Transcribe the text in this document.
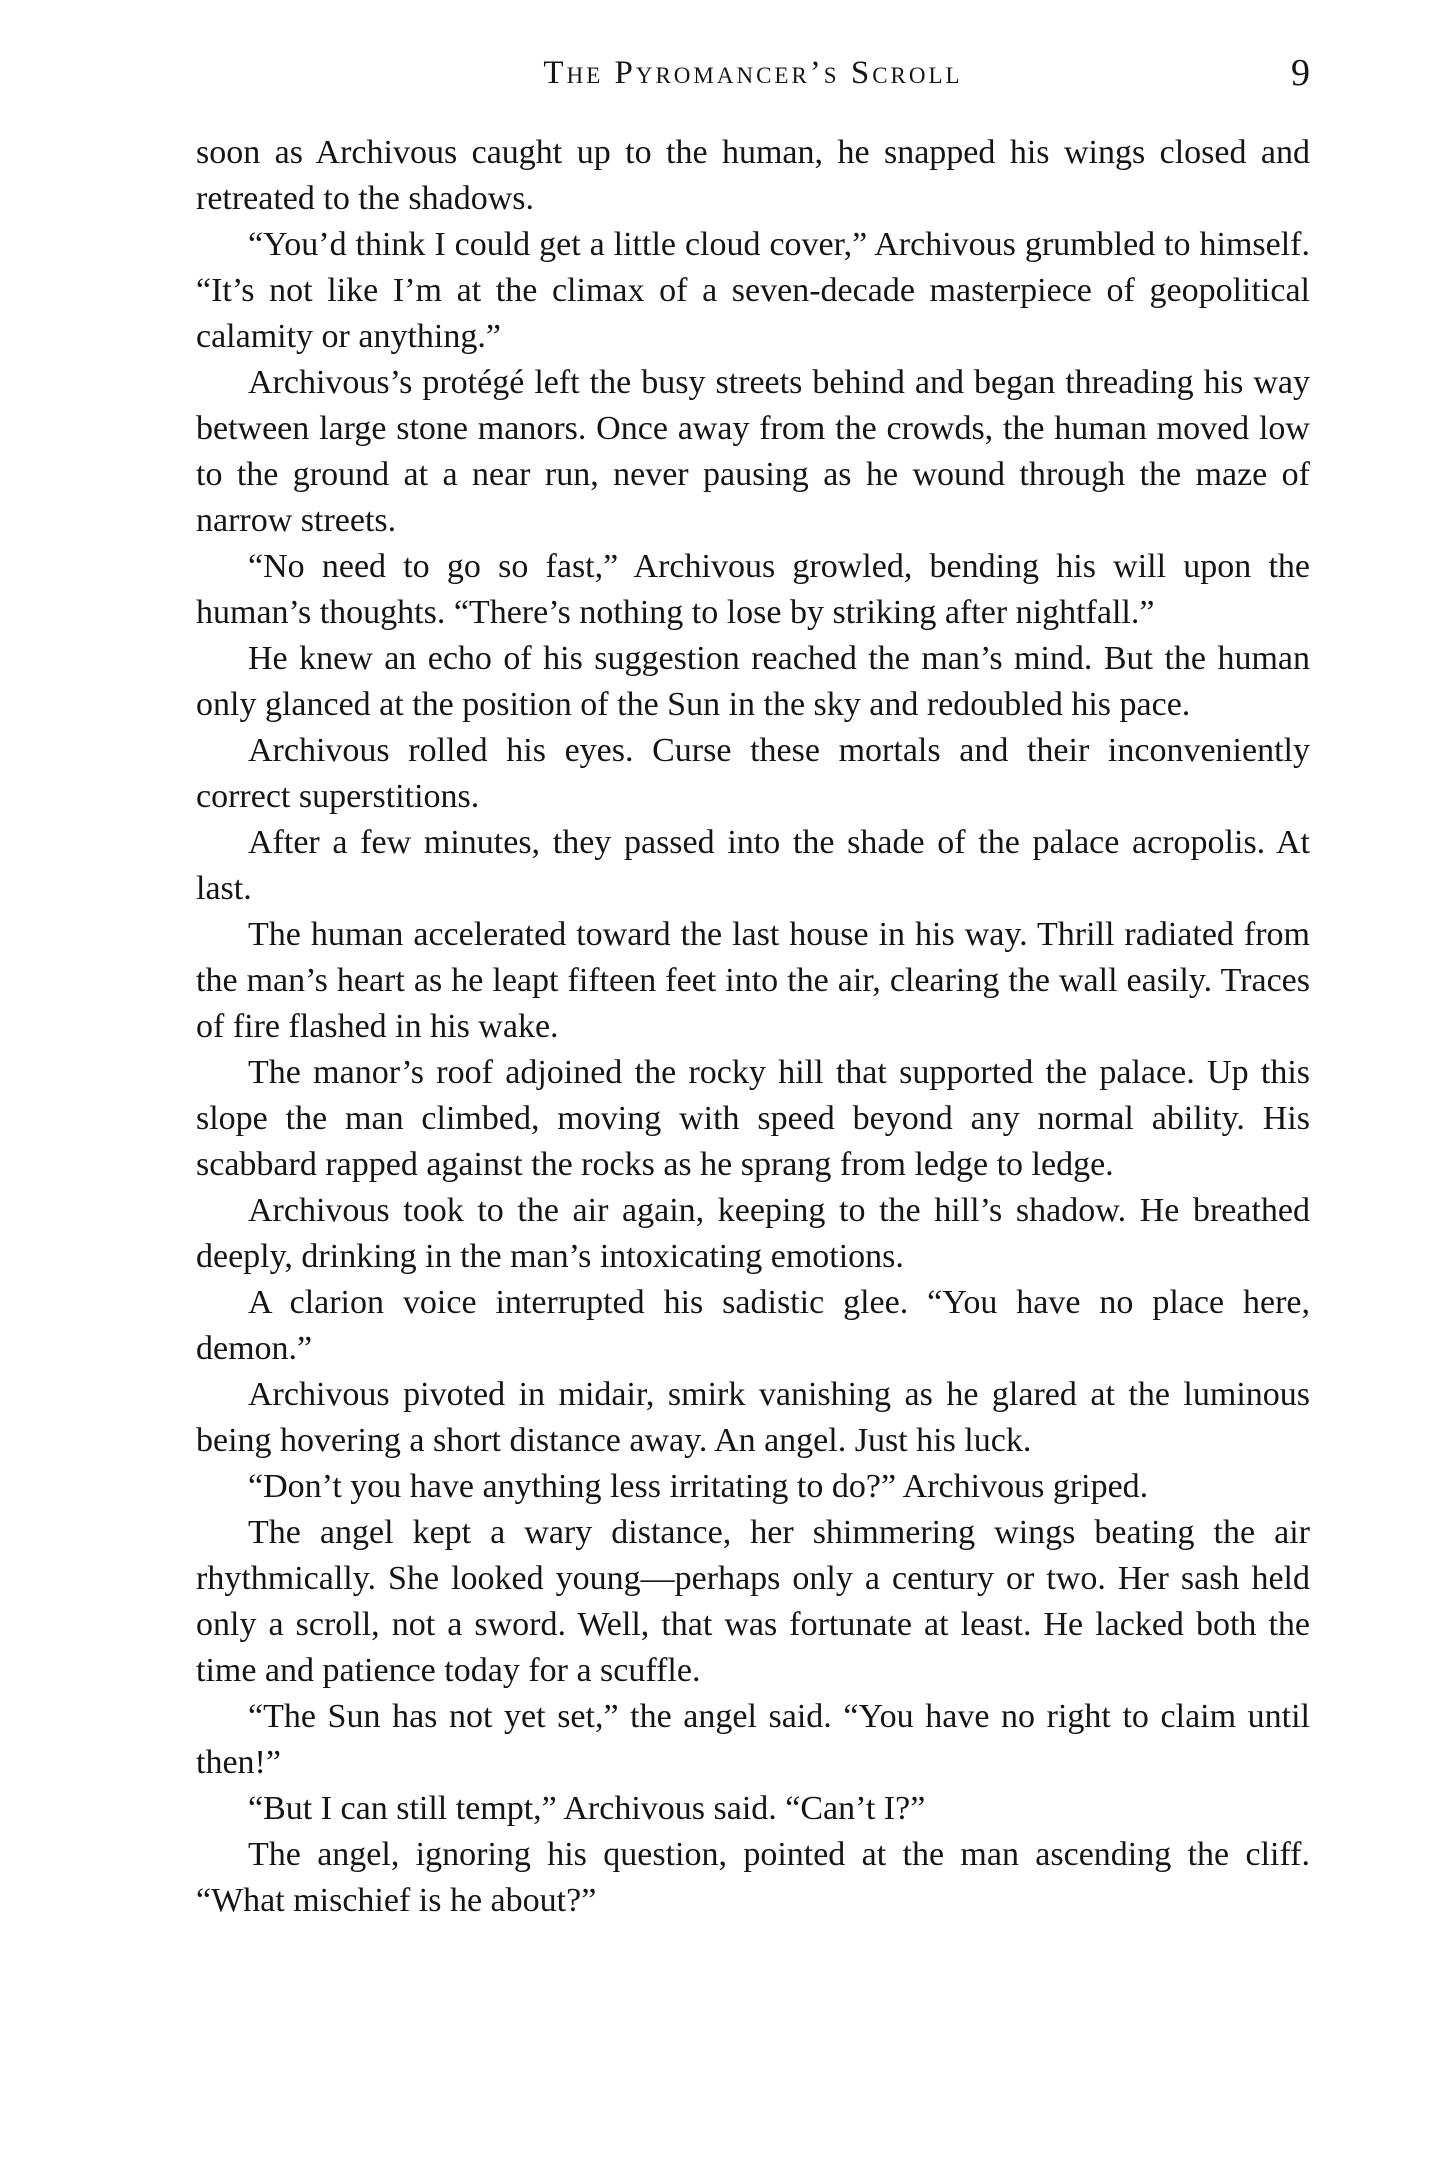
The Pyromancer’s Scroll	9

soon as Archivous caught up to the human, he snapped his wings closed and retreated to the shadows.

“You’d think I could get a little cloud cover,” Archivous grumbled to himself. “It’s not like I’m at the climax of a seven-decade masterpiece of geopolitical calamity or anything.”

Archivous’s protégé left the busy streets behind and began threading his way between large stone manors. Once away from the crowds, the human moved low to the ground at a near run, never pausing as he wound through the maze of narrow streets.

“No need to go so fast,” Archivous growled, bending his will upon the human’s thoughts. “There’s nothing to lose by striking after nightfall.”

He knew an echo of his suggestion reached the man’s mind. But the human only glanced at the position of the Sun in the sky and redoubled his pace.

Archivous rolled his eyes. Curse these mortals and their inconveniently correct superstitions.

After a few minutes, they passed into the shade of the palace acropolis. At last.

The human accelerated toward the last house in his way. Thrill radiated from the man’s heart as he leapt fifteen feet into the air, clearing the wall easily. Traces of fire flashed in his wake.

The manor’s roof adjoined the rocky hill that supported the palace. Up this slope the man climbed, moving with speed beyond any normal ability. His scabbard rapped against the rocks as he sprang from ledge to ledge.

Archivous took to the air again, keeping to the hill’s shadow. He breathed deeply, drinking in the man’s intoxicating emotions.

A clarion voice interrupted his sadistic glee. “You have no place here, demon.”

Archivous pivoted in midair, smirk vanishing as he glared at the luminous being hovering a short distance away. An angel. Just his luck.

“Don’t you have anything less irritating to do?” Archivous griped.

The angel kept a wary distance, her shimmering wings beating the air rhythmically. She looked young—perhaps only a century or two. Her sash held only a scroll, not a sword. Well, that was fortunate at least. He lacked both the time and patience today for a scuffle.

“The Sun has not yet set,” the angel said. “You have no right to claim until then!”

“But I can still tempt,” Archivous said. “Can’t I?”

The angel, ignoring his question, pointed at the man ascending the cliff. “What mischief is he about?”
